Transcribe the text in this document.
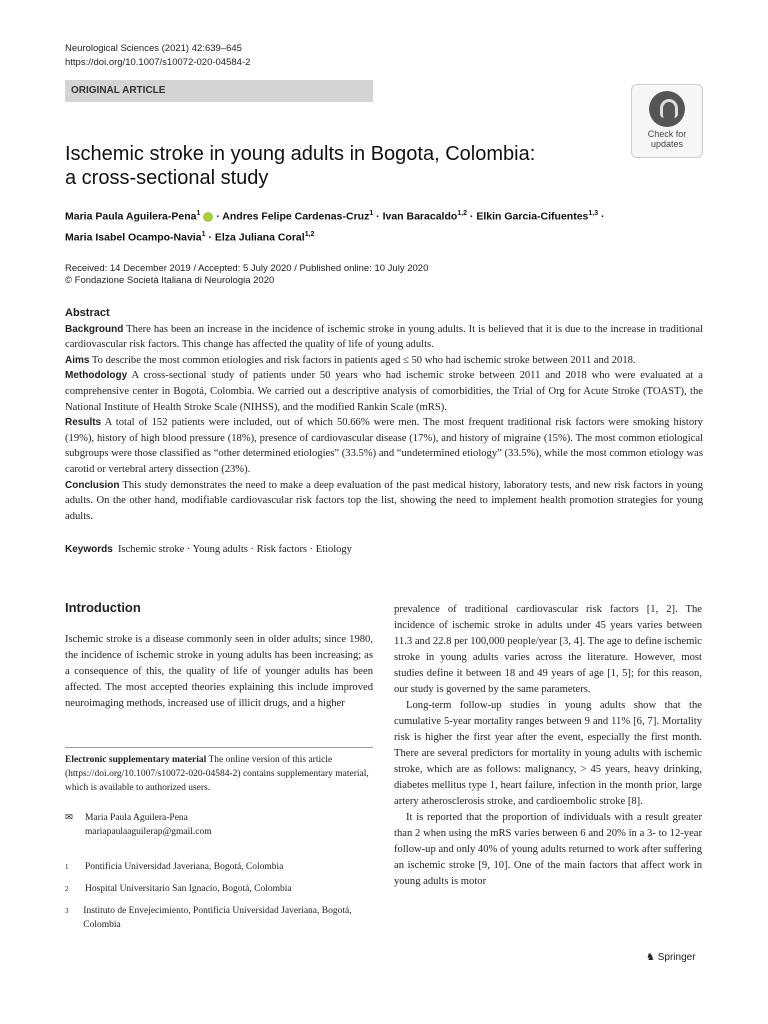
Neurological Sciences (2021) 42:639–645
https://doi.org/10.1007/s10072-020-04584-2
ORIGINAL ARTICLE
Check for
updates
Ischemic stroke in young adults in Bogota, Colombia:
a cross-sectional study
Maria Paula Aguilera-Pena$^1$  · Andres Felipe Cardenas-Cruz$^1$ · Ivan Baracaldo$^{1,2}$ · Elkin Garcia-Cifuentes$^{1,3}$ ·
Maria Isabel Ocampo-Navia$^1$ · Elza Juliana Coral$^{1,2}$
Received: 14 December 2019 / Accepted: 5 July 2020 / Published online: 10 July 2020
© Fondazione Società Italiana di Neurologia 2020
Abstract
Background There has been an increase in the incidence of ischemic stroke in young adults. It is believed that it is due to the increase in traditional cardiovascular risk factors. This change has affected the quality of life of young adults.
Aims To describe the most common etiologies and risk factors in patients aged ≤ 50 who had ischemic stroke between 2011 and 2018.
Methodology A cross-sectional study of patients under 50 years who had ischemic stroke between 2011 and 2018 who were evaluated at a comprehensive center in Bogotá, Colombia. We carried out a descriptive analysis of comorbidities, the Trial of Org for Acute Stroke (TOAST), the National Institute of Health Stroke Scale (NIHSS), and the modified Rankin Scale (mRS).
Results A total of 152 patients were included, out of which 50.66% were men. The most frequent traditional risk factors were smoking history (19%), history of high blood pressure (18%), presence of cardiovascular disease (17%), and history of migraine (15%). The most common etiological subgroups were those classified as “other determined etiologies” (33.5%) and “undetermined etiology” (33.5%), while the most common etiology was carotid or vertebral artery dissection (23%).
Conclusion This study demonstrates the need to make a deep evaluation of the past medical history, laboratory tests, and new risk factors in young adults. On the other hand, modifiable cardiovascular risk factors top the list, showing the need to implement health promotion strategies for young adults.
Keywords Ischemic stroke · Young adults · Risk factors · Etiology
Introduction

Ischemic stroke is a disease commonly seen in older adults; since 1980, the incidence of ischemic stroke in young adults has been increasing; as a consequence of this, the quality of life of younger adults has been affected. The most accepted theories explaining this include improved neuroimaging methods, increased use of illicit drugs, and a higher

prevalence of traditional cardiovascular risk factors [1, 2]. The incidence of ischemic stroke in adults under 45 years varies between 11.3 and 22.8 per 100,000 people/year [3, 4]. The age to define ischemic stroke in young adults varies across the literature. However, most studies define it between 18 and 49 years of age [1, 5]; for this reason, our study is governed by the same parameters.

Long-term follow-up studies in young adults show that the cumulative 5-year mortality ranges between 9 and 11% [6, 7]. Mortality risk is higher the first year after the event, especially the first month. There are several predictors for mortality in young adults with ischemic stroke, which are as follows: malignancy, > 45 years, heavy drinking, diabetes mellitus type 1, heart failure, infection in the month prior, large artery atherosclerosis stroke, and cardioembolic stroke [8].

It is reported that the proportion of individuals with a result greater than 2 when using the mRS varies between 6 and 20% in a 3- to 12-year follow-up and only 40% of young adults returned to work after suffering an ischemic stroke [9, 10]. One of the main factors that affect work in young adults is motor

Electronic supplementary material The online version of this article (https://doi.org/10.1007/s10072-020-04584-2) contains supplementary material, which is available to authorized users.
✉	Maria Paula Aguilera-Pena
mariapaulaaguilerap@gmail.com
1	Pontificia Universidad Javeriana, Bogotá, Colombia
2	Hospital Universitario San Ignacio, Bogotá, Colombia
3	Instituto de Envejecimiento, Pontificia Universidad Javeriana, Bogotá, Colombia
♞ Springer
